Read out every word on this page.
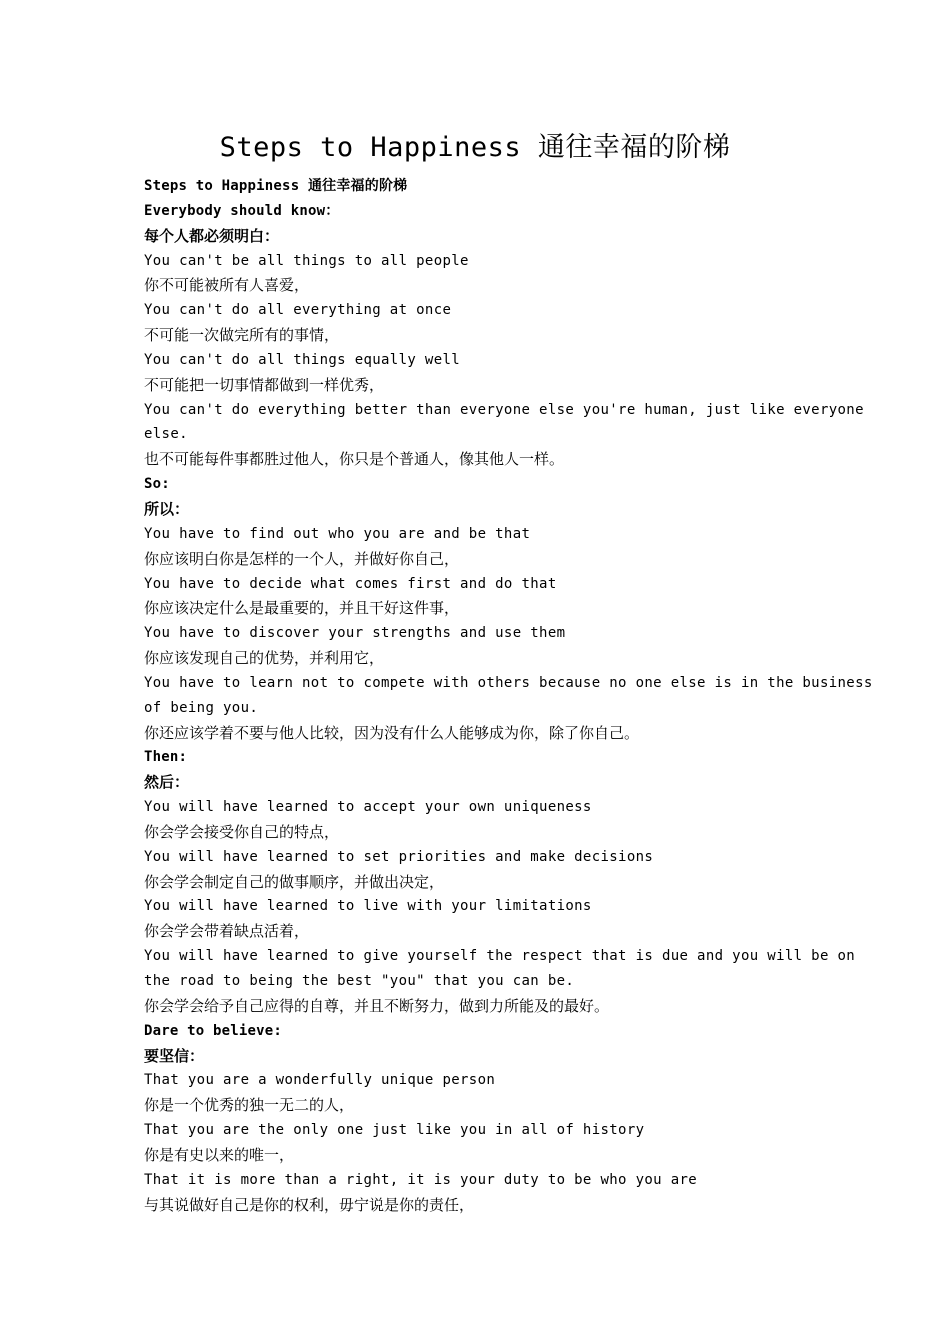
Steps to Happiness 通往幸福的阶梯
Steps to Happiness 通往幸福的阶梯
Everybody should know：
每个人都必须明白：
You can't be all things to all people
你不可能被所有人喜爱，
You can't do all everything at once
不可能一次做完所有的事情，
You can't do all things equally well
不可能把一切事情都做到一样优秀，
You can't do everything better than everyone else you're human, just like everyone
else.
也不可能每件事都胜过他人，你只是个普通人，像其他人一样。
So:
所以：
You have to find out who you are and be that
你应该明白你是怎样的一个人，并做好你自己，
You have to decide what comes first and do that
你应该决定什么是最重要的，并且干好这件事，
You have to discover your strengths and use them
你应该发现自己的优势，并利用它，
You have to learn not to compete with others because no one else is in the business
of being you.
你还应该学着不要与他人比较，因为没有什么人能够成为你，除了你自己。
Then:
然后：
You will have learned to accept your own uniqueness
你会学会接受你自己的特点，
You will have learned to set priorities and make decisions
你会学会制定自己的做事顺序，并做出决定，
You will have learned to live with your limitations
你会学会带着缺点活着，
You will have learned to give yourself the respect that is due and you will be on
the road to being the best "you" that you can be.
你会学会给予自己应得的自尊，并且不断努力，做到力所能及的最好。
Dare to believe:
要坚信：
That you are a wonderfully unique person
你是一个优秀的独一无二的人，
That you are the only one just like you in all of history
你是有史以来的唯一，
That it is more than a right, it is your duty to be who you are
与其说做好自己是你的权利，毋宁说是你的责任，
